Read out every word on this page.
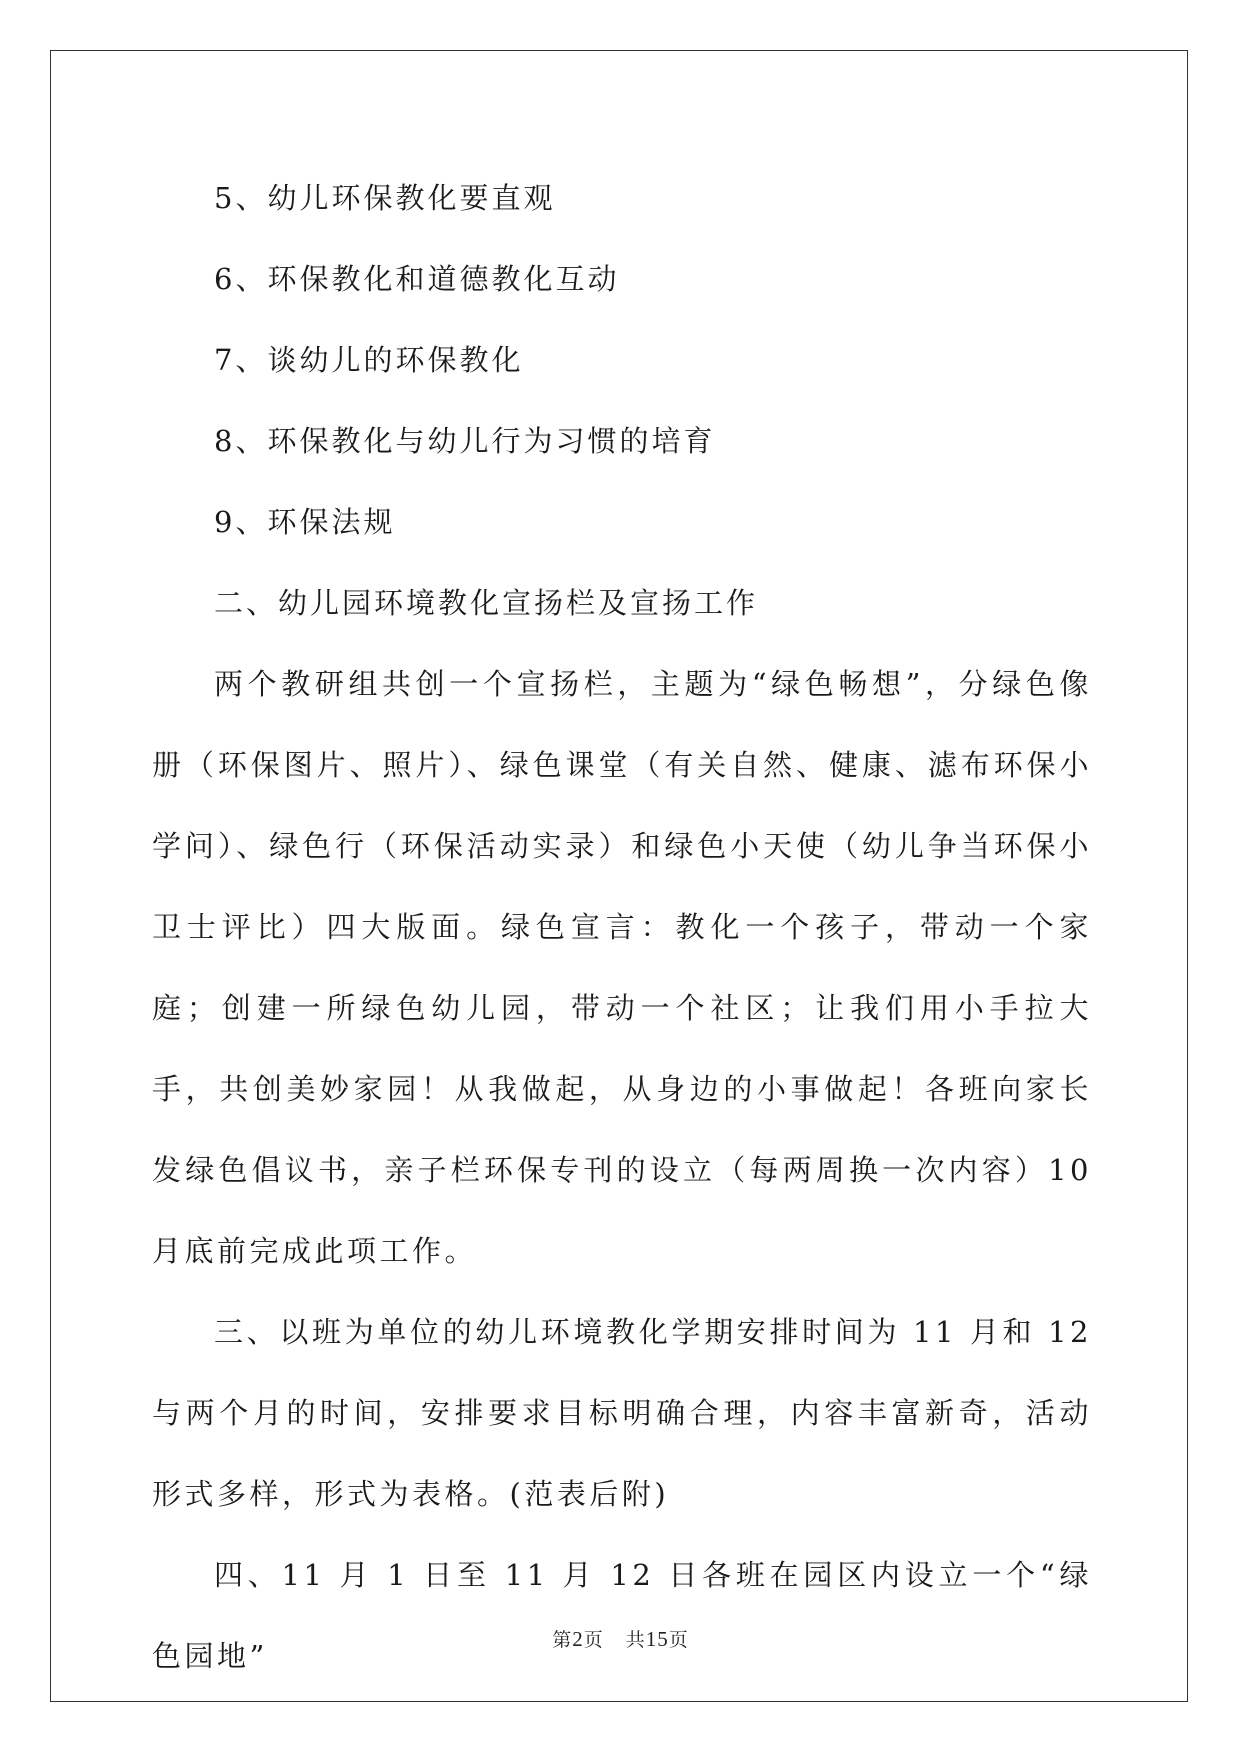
5、幼儿环保教化要直观

6、环保教化和道德教化互动

7、谈幼儿的环保教化

8、环保教化与幼儿行为习惯的培育

9、环保法规

二、幼儿园环境教化宣扬栏及宣扬工作

两个教研组共创一个宣扬栏，主题为“绿色畅想”，分绿色像册（环保图片、照片）、绿色课堂（有关自然、健康、滤布环保小学问）、绿色行（环保活动实录）和绿色小天使（幼儿争当环保小卫士评比）四大版面。绿色宣言：教化一个孩子，带动一个家庭；创建一所绿色幼儿园，带动一个社区；让我们用小手拉大手，共创美妙家园！从我做起，从身边的小事做起！各班向家长发绿色倡议书，亲子栏环保专刊的设立（每两周换一次内容）10月底前完成此项工作。

三、以班为单位的幼儿环境教化学期安排时间为 11 月和 12 与两个月的时间，安排要求目标明确合理，内容丰富新奇，活动形式多样，形式为表格。(范表后附)

四、11 月 1 日至 11 月 12 日各班在园区内设立一个“绿色园地”	第2页 共15页
